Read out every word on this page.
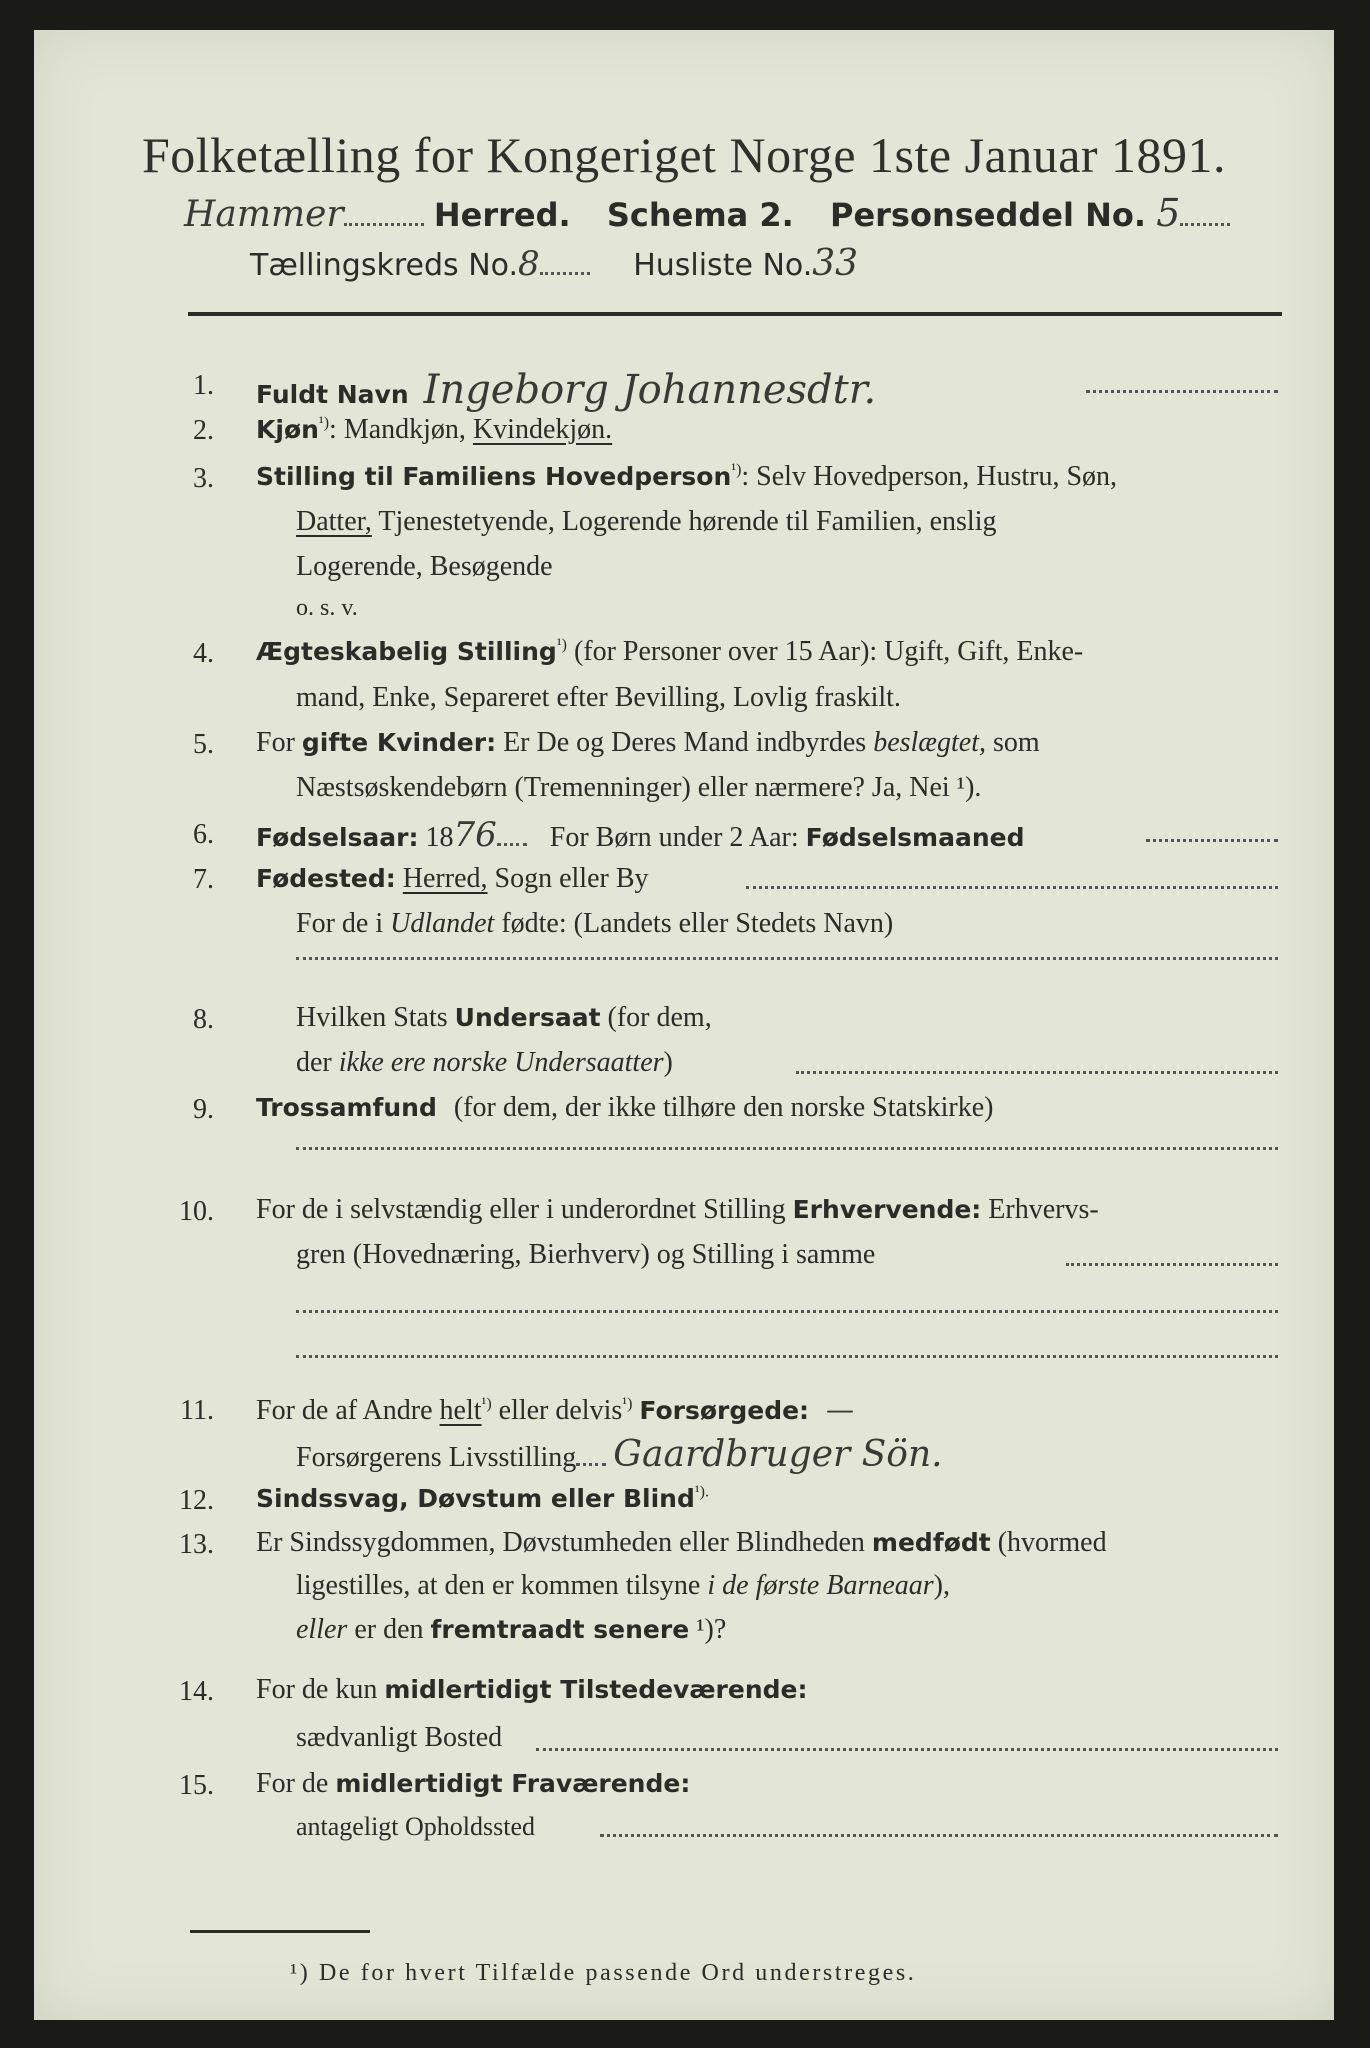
Folketælling for Kongeriget Norge 1ste Januar 1891.
Hammer	Herred. Schema 2. Personseddel No. 5
Tællingskreds No.8	Husliste No.33
1. Fuldt Navn Ingeborg Johannesdtr.
2. Kjøn$^{^1)}$: Mandkjøn, Kvindekjøn.
3. Stilling til Familiens Hovedperson$^{^1)}$: Selv Hovedperson, Hustru, Søn,
Datter, Tjenestetyende, Logerende hørende til Familien, enslig
Logerende, Besøgende
o. s. v.
4. Ægteskabelig Stilling$^{^1)}$ (for Personer over 15 Aar): Ugift, Gift, Enke-
mand, Enke, Separeret efter Bevilling, Lovlig fraskilt.
5. For gifte Kvinder: Er De og Deres Mand indbyrdes beslægtet, som
Næstsøskendebørn (Tremenninger) eller nærmere? Ja, Nei ¹).
6. Fødselsaar: 1876 For Børn under 2 Aar: Fødselsmaaned
7. Fødested: Herred, Sogn eller By
For de i Udlandet fødte: (Landets eller Stedets Navn)
8.	Hvilken Stats Undersaat (for dem,
der ikke ere norske Undersaatter)
9. Trossamfund (for dem, der ikke tilhøre den norske Statskirke)
10. For de i selvstændig eller i underordnet Stilling Erhvervende: Erhvervs-
gren (Hovednæring, Bierhverv) og Stilling i samme
11. For de af Andre helt$^{^1)}$ eller delvis$^{^1)}$ Forsørgede: —
Forsørgerens Livsstilling Gaardbruger Sön.
12. Sindssvag, Døvstum eller Blind$^{^1).}$
13. Er Sindssygdommen, Døvstumheden eller Blindheden medfødt (hvormed
ligestilles, at den er kommen tilsyne i de første Barneaar),
eller er den fremtraadt senere ¹)?
14. For de kun midlertidigt Tilstedeværende:
sædvanligt Bosted
15. For de midlertidigt Fraværende:
antageligt Opholdssted
¹) De for hvert Tilfælde passende Ord understreges.
